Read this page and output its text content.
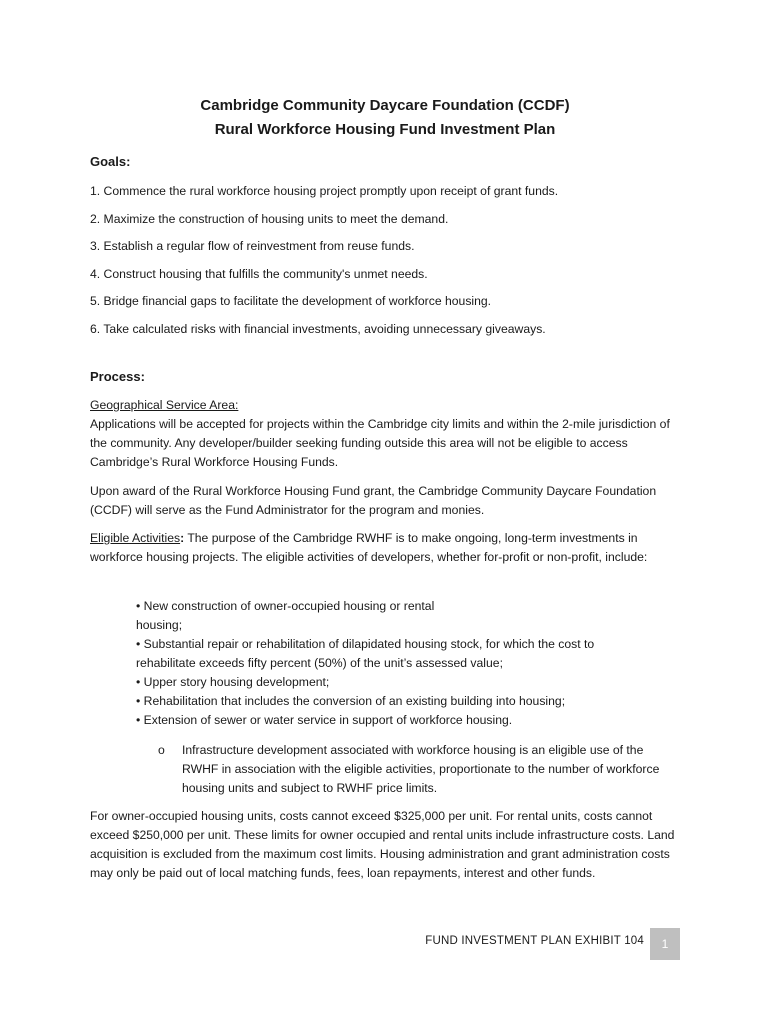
Cambridge Community Daycare Foundation (CCDF)
Rural Workforce Housing Fund Investment Plan
Goals:
1. Commence the rural workforce housing project promptly upon receipt of grant funds.
2. Maximize the construction of housing units to meet the demand.
3. Establish a regular flow of reinvestment from reuse funds.
4. Construct housing that fulfills the community's unmet needs.
5. Bridge financial gaps to facilitate the development of workforce housing.
6. Take calculated risks with financial investments, avoiding unnecessary giveaways.
Process:
Geographical Service Area:
Applications will be accepted for projects within the Cambridge city limits and within the 2-mile jurisdiction of the community. Any developer/builder seeking funding outside this area will not be eligible to access Cambridge’s Rural Workforce Housing Funds.
Upon award of the Rural Workforce Housing Fund grant, the Cambridge Community Daycare Foundation (CCDF) will serve as the Fund Administrator for the program and monies.
Eligible Activities: The purpose of the Cambridge RWHF is to make ongoing, long-term investments in workforce housing projects. The eligible activities of developers, whether for-profit or non-profit, include:
• New construction of owner-occupied housing or rental housing;
• Substantial repair or rehabilitation of dilapidated housing stock, for which the cost to rehabilitate exceeds fifty percent (50%) of the unit’s assessed value;
• Upper story housing development;
• Rehabilitation that includes the conversion of an existing building into housing;
• Extension of sewer or water service in support of workforce housing.
o Infrastructure development associated with workforce housing is an eligible use of the RWHF in association with the eligible activities, proportionate to the number of workforce housing units and subject to RWHF price limits.
For owner-occupied housing units, costs cannot exceed $325,000 per unit. For rental units, costs cannot exceed $250,000 per unit. These limits for owner occupied and rental units include infrastructure costs. Land acquisition is excluded from the maximum cost limits. Housing administration and grant administration costs may only be paid out of local matching funds, fees, loan repayments, interest and other funds.
FUND INVESTMENT PLAN EXHIBIT 104	1
